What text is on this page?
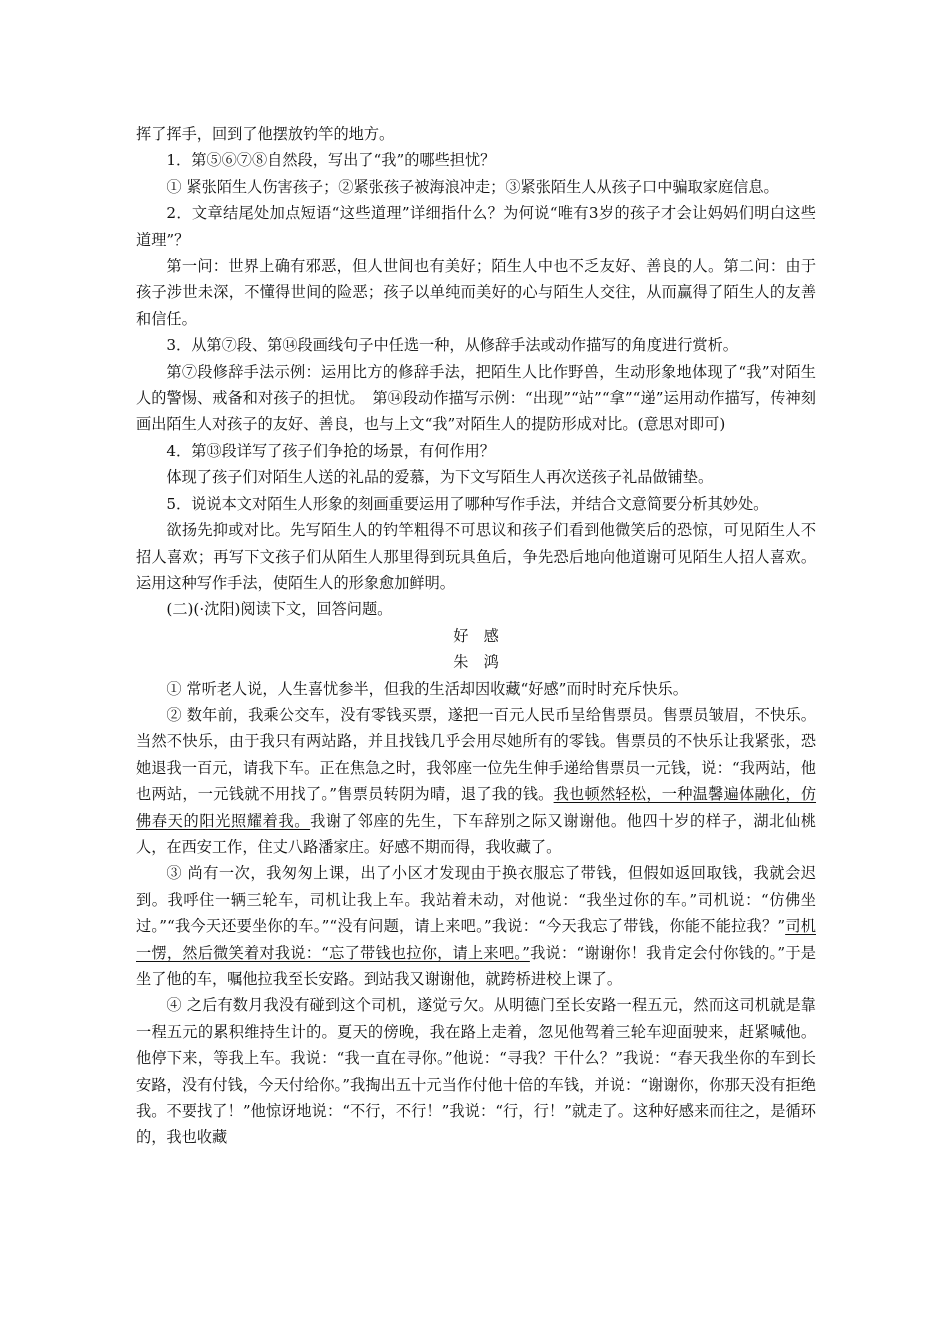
挥了挥手，回到了他摆放钓竿的地方。

1．第⑤⑥⑦⑧自然段，写出了“我”的哪些担忧？

① 紧张陌生人伤害孩子；②紧张孩子被海浪冲走；③紧张陌生人从孩子口中骗取家庭信息。

2．文章结尾处加点短语“这些道理”详细指什么？为何说“唯有3岁的孩子才会让妈妈们明白这些道理”？

第一问：世界上确有邪恶，但人世间也有美好；陌生人中也不乏友好、善良的人。第二问：由于孩子涉世未深，不懂得世间的险恶；孩子以单纯而美好的心与陌生人交往，从而赢得了陌生人的友善和信任。

3．从第⑦段、第⑭段画线句子中任选一种，从修辞手法或动作描写的角度进行赏析。

第⑦段修辞手法示例：运用比方的修辞手法，把陌生人比作野兽，生动形象地体现了“我”对陌生人的警惕、戒备和对孩子的担忧。　第⑭段动作描写示例：“出现”“站”“拿”“递”运用动作描写，传神刻画出陌生人对孩子的友好、善良，也与上文“我”对陌生人的提防形成对比。(意思对即可)

4．第⑬段详写了孩子们争抢的场景，有何作用？

体现了孩子们对陌生人送的礼品的爱慕，为下文写陌生人再次送孩子礼品做铺垫。

5．说说本文对陌生人形象的刻画重要运用了哪种写作手法，并结合文意简要分析其妙处。

欲扬先抑或对比。先写陌生人的钓竿粗得不可思议和孩子们看到他微笑后的恐惊，可见陌生人不招人喜欢；再写下文孩子们从陌生人那里得到玩具鱼后，争先恐后地向他道谢可见陌生人招人喜欢。运用这种写作手法，使陌生人的形象愈加鲜明。

(二)(·沈阳)阅读下文，回答问题。

好感

朱鸿

① 常听老人说，人生喜忧参半，但我的生活却因收藏“好感”而时时充斥快乐。

② 数年前，我乘公交车，没有零钱买票，遂把一百元人民币呈给售票员。售票员皱眉，不快乐。当然不快乐，由于我只有两站路，并且找钱几乎会用尽她所有的零钱。售票员的不快乐让我紧张，恐她退我一百元，请我下车。正在焦急之时，我邻座一位先生伸手递给售票员一元钱，说：“我两站，他也两站，一元钱就不用找了。”售票员转阴为晴，退了我的钱。我也顿然轻松，一种温馨遍体融化，仿佛春天的阳光照耀着我。我谢了邻座的先生，下车辞别之际又谢谢他。他四十岁的样子，湖北仙桃人，在西安工作，住丈八路潘家庄。好感不期而得，我收藏了。

③ 尚有一次，我匆匆上课，出了小区才发现由于换衣服忘了带钱，但假如返回取钱，我就会迟到。我呼住一辆三轮车，司机让我上车。我站着未动，对他说：“我坐过你的车。”司机说：“仿佛坐过。”“我今天还要坐你的车。”“没有问题，请上来吧。”我说：“今天我忘了带钱，你能不能拉我？”司机一愣，然后微笑着对我说：“忘了带钱也拉你，请上来吧。”我说：“谢谢你！我肯定会付你钱的。”于是坐了他的车，嘱他拉我至长安路。到站我又谢谢他，就跨桥进校上课了。

④ 之后有数月我没有碰到这个司机，遂觉亏欠。从明德门至长安路一程五元，然而这司机就是靠一程五元的累积维持生计的。夏天的傍晚，我在路上走着，忽见他驾着三轮车迎面驶来，赶紧喊他。他停下来，等我上车。我说：“我一直在寻你。”他说：“寻我？干什么？”我说：“春天我坐你的车到长安路，没有付钱，今天付给你。”我掏出五十元当作付他十倍的车钱，并说：“谢谢你，你那天没有拒绝我。不要找了！”他惊讶地说：“不行，不行！”我说：“行，行！”就走了。这种好感来而往之，是循环的，我也收藏
